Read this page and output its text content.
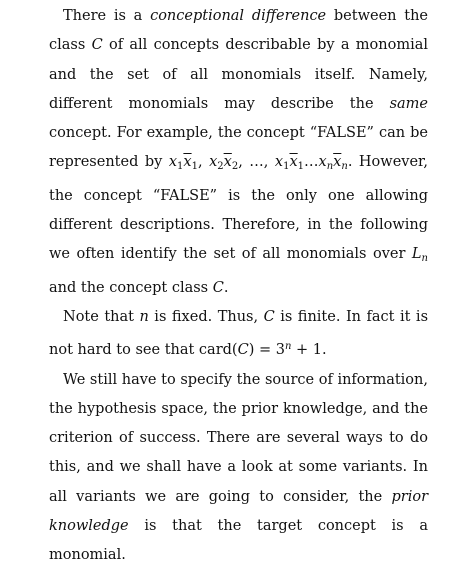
There is a conceptional difference between the class C of all concepts describable by a monomial and the set of all monomials itself. Namely, different monomials may describe the same concept. For example, the concept “FALSE” can be represented by $x_1\overline{x}_1$, $x_2\overline{x}_2$, …, $x_1\overline{x}_1\dots x_n\overline{x}_n$. However, the concept “FALSE” is the only one allowing different descriptions. Therefore, in the following we often identify the set of all monomials over $L_n$ and the concept class C.

Note that n is fixed. Thus, C is finite. In fact it is not hard to see that card(C) = $3^n + 1$.

We still have to specify the source of information, the hypothesis space, the prior knowledge, and the criterion of success. There are several ways to do this, and we shall have a look at some variants. In all variants we are going to consider, the prior knowledge is that the target concept is a monomial.
